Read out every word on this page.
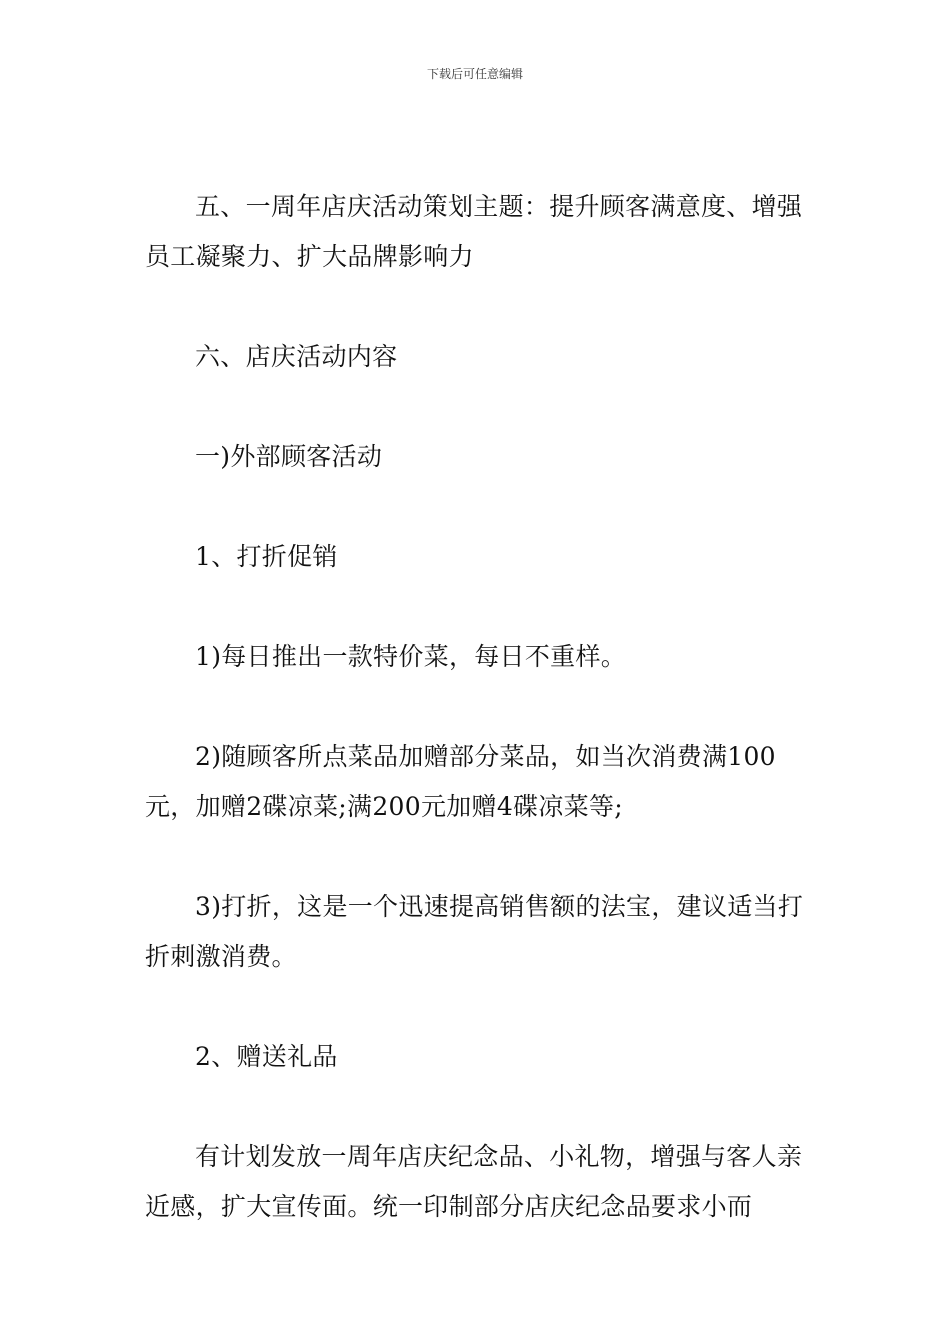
下载后可任意编辑

五、一周年店庆活动策划主题：提升顾客满意度、增强员工凝聚力、扩大品牌影响力

六、店庆活动内容

一)外部顾客活动

1、打折促销

1)每日推出一款特价菜，每日不重样。

2)随顾客所点菜品加赠部分菜品，如当次消费满100元，加赠2碟凉菜;满200元加赠4碟凉菜等;

3)打折，这是一个迅速提高销售额的法宝，建议适当打折刺激消费。

2、赠送礼品

有计划发放一周年店庆纪念品、小礼物，增强与客人亲近感，扩大宣传面。统一印制部分店庆纪念品要求小而
